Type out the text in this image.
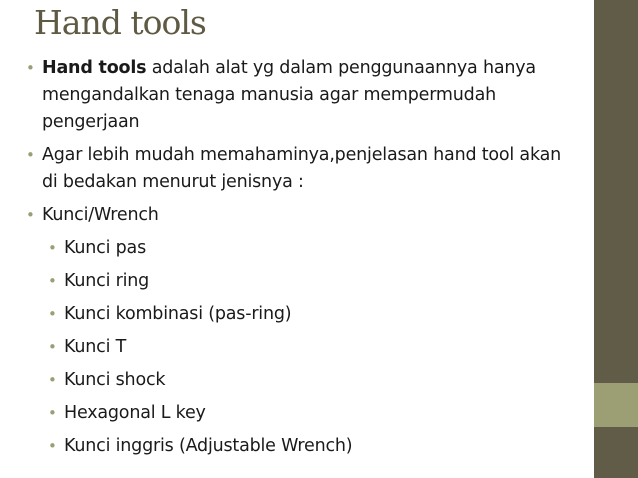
Hand tools
• Hand tools adalah alat yg dalam penggunaannya hanya mengandalkan tenaga manusia agar mempermudah pengerjaan
• Agar lebih mudah memahaminya,penjelasan hand tool akan di bedakan menurut jenisnya :
• Kunci/Wrench
• Kunci pas
• Kunci ring
• Kunci kombinasi (pas-ring)
• Kunci T
• Kunci shock
• Hexagonal L key
• Kunci inggris (Adjustable Wrench)
